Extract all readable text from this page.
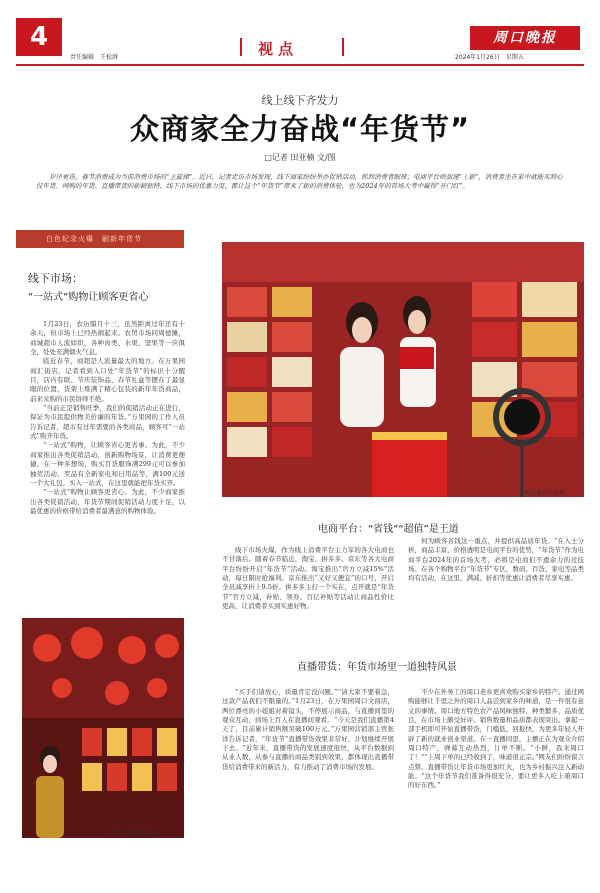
4
责任编辑　王松湃	视点
周口晚报
2024年1月26日　星期五
线上线下齐发力
众商家全力奋战“年货节”
□记者 田亚楠 文/图
岁序更迭，春节消费成为当前消费市场的“主旋律”。近日，记者走访市场发现，线下商家纷纷举办促销活动，抓到消费者眼球；电商平台则加速“上新”，消费者坐在家中就能买到心仪年货。网购的年货、直播带货的新颖独特、线下市场的优惠力度，都让这个“年货节”带来了新的消费体验，也为2024年的首场大考中赢得“开门红”。
白色纪录火爆　刷新年货节
线下市场：
“一站式”购物让顾客更省心

1月23日，农历腊月十三，虽然距离过年还有十余天，但市场上已经热闹起来。农贸市场同周德摊，商城超市人流如织，各种肉类、水果、坚果等一应俱全，处处充满烟火气息。

临近春节，商超是人流量最大的地方。在万果园商汇街店，记者看到入口处“年货节”的标识十分醒目，店内有联、节庆装饰品、春节礼盒等摆在了最显眼的位置，货架上堆满了精心包装的新年年货商品，前来采购的市民络绎不绝。

“当前正是销售旺季，我们的促销活动正在进行，保证为市民提供物美价廉的年货。”万果园的工作人员告诉记者，超市有过年需要的各类商品，顾客可“一站式”购齐年货。

“一站式”购物，让顾客省心更省事。为此，不少商家推出各类促销活动，创新购物场景，让消费更便捷。在一种多想场，购买百货服饰满299元可以参加抽奖活动，奖品有全新家电和日用品等，满100元送一个大礼包。买入一站式，在这里就能把年货买齐。

“一站式”购物让顾客更省心。为此，不少商家推出各类促销活动，年货节期间促销活动力度十足，以最优惠的价格带给消费者最满意的购物体验。

主播直播带货促销。
顾客在商场购物。
电商平台：“省钱”“超值”是王道

线下市场火爆，作为线上消费平台主力军的各大电商也不甘落后。随着春节临近，淘宝、拼多多、京东等各大电商平台纷纷开启“年货节”活动。淘宝推出“官方立减15%”活动，每日限时抢福利。京东推出“又好又便宜”的口号，开启全员减享折上9.5折。拼多多主打一个实在，点开就是“年货节”官方立减，补贴、领券。百亿补贴等活动让商品性价比更高，让消费者买到实惠好物。

何为顾客省钱这一重点，并提供高品质年货。“在入士分析，商品丰富，价格透明是电商平台的优势，“年货节”作为电商平台2024年的首场大考，必将是电商们不遗余力的竞技场。在各个购物平台“年货节”专区，数码、百货、家电等品类均有活动，在这里，满减、折扣等优惠让消费者尽享实惠。

直播带货：年货市场里一道独特风景

“买手们请放心，质量肯定没问题。”“请大家不要着急，这款产品我们不限量的。”1月23日，在万果园周口文昌店，两位漂亮的小姐姐对着镜头，不停展示商品，与直播间里的观众互动，到场上百人在直播间观看。“今天是我们直播第4天了，目前累计销售额突破100万元。”万果园营销部主管张洋告诉记者，“年货节”直播带货效果非常好，计划继续开展下去。“近年来，直播带货的发展速度很快，从平台数据到从业人数，从参与直播的商品类别到效果，都体现出直播带货给消费带来的新活力，有力推动了消费市场的发展。

不少在外务工的周口老乡更喜欢购买家乡的特产。通过网购能够让千里之外的周口人品尝到家乡的味道，是一件很有意义的事情。周口地方特色农产品风味独特，种类繁多，品质优良，在市场上颇受好评。销售数量和品质都表现突出。拿起一部手机即可开始直播带货，门槛低、回报快，为更多年轻人开辟了新的就业创业渠道。在一直播间里，主播正在为观众介绍周口特产，弹幕互动热烈，订单不断。“小鲜，我来周口了！”“上周下单的已经收到了，味道很正宗。”网友们纷纷留言点赞。直播带货让年货市场更加红火，也为乡村振兴注入新动能。“这个年货节我们准备得很充分，要让更多人吃上咱周口的好东西。”
